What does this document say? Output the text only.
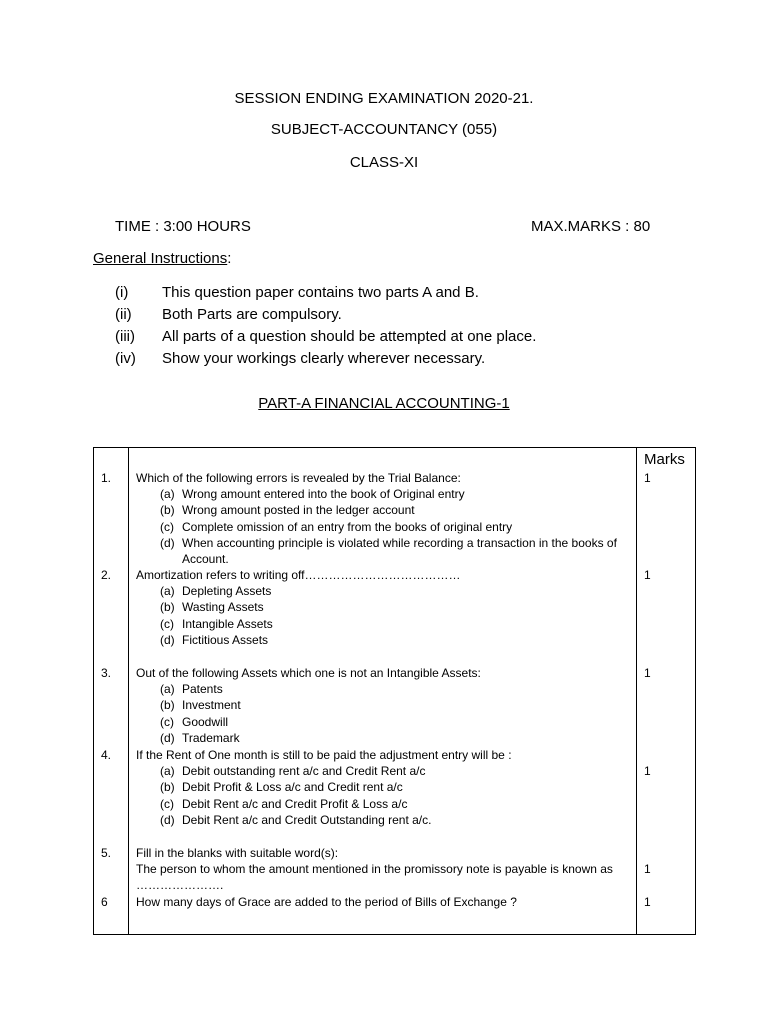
SESSION ENDING EXAMINATION 2020-21.

SUBJECT-ACCOUNTANCY (055)

CLASS-XI

TIME : 3:00 HOURS	MAX.MARKS : 80
General Instructions:
(i)	This question paper contains two parts A and B.
(ii)	Both Parts are compulsory.
(iii)	All parts of a question should be attempted at one place.
(iv)	Show your workings clearly wherever necessary.

PART-A FINANCIAL ACCOUNTING-1

Marks
1. Which of the following errors is revealed by the Trial Balance:
(a) Wrong amount entered into the book of Original entry
(b) Wrong amount posted in the ledger account
(c) Complete omission of an entry from the books of original entry
(d) When accounting principle is violated while recording a transaction in the books of Account.
1
2. Amortization refers to writing off…………………………………
(a) Depleting Assets
(b) Wasting Assets
(c) Intangible Assets
(d) Fictitious Assets
1
3. Out of the following Assets which one is not an Intangible Assets:
(a) Patents
(b) Investment
(c) Goodwill
(d) Trademark
1
4. If the Rent of One month is still to be paid the adjustment entry will be :
(a) Debit outstanding rent a/c and Credit Rent a/c
(b) Debit Profit & Loss a/c and Credit rent a/c
(c) Debit Rent a/c and Credit Profit & Loss a/c
(d) Debit Rent a/c and Credit Outstanding rent a/c.
1
5. Fill in the blanks with suitable word(s):
The person to whom the amount mentioned in the promissory note is payable is known as ………………….
1
6 How many days of Grace are added to the period of Bills of Exchange ?	1
